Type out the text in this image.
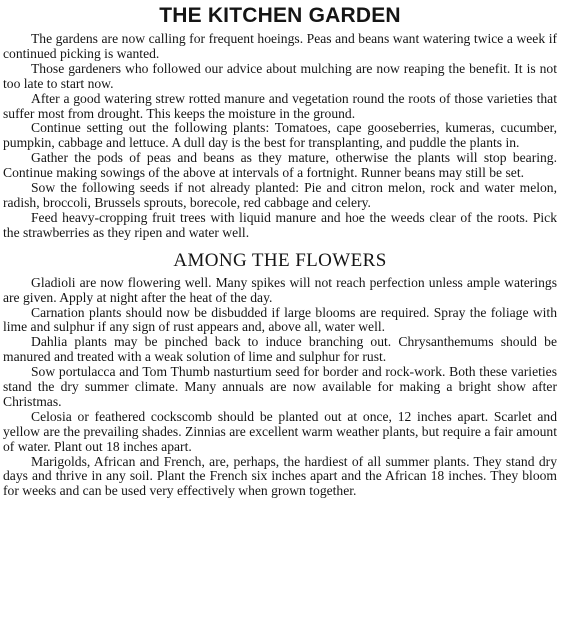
THE KITCHEN GARDEN

The gardens are now calling for frequent hoeings. Peas and beans want watering twice a week if continued picking is wanted.

Those gardeners who followed our advice about mulching are now reaping the benefit. It is not too late to start now.

After a good watering strew rotted manure and vegetation round the roots of those varieties that suffer most from drought. This keeps the moisture in the ground.

Continue setting out the following plants: Tomatoes, cape gooseberries, kumeras, cucumber, pumpkin, cabbage and lettuce. A dull day is the best for transplanting, and puddle the plants in.

Gather the pods of peas and beans as they mature, otherwise the plants will stop bearing. Continue making sowings of the above at intervals of a fortnight. Runner beans may still be set.

Sow the following seeds if not already planted: Pie and citron melon, rock and water melon, radish, broccoli, Brussels sprouts, borecole, red cabbage and celery.

Feed heavy-cropping fruit trees with liquid manure and hoe the weeds clear of the roots. Pick the strawberries as they ripen and water well.

AMONG THE FLOWERS

Gladioli are now flowering well. Many spikes will not reach perfection unless ample waterings are given. Apply at night after the heat of the day.

Carnation plants should now be disbudded if large blooms are required. Spray the foliage with lime and sulphur if any sign of rust appears and, above all, water well.

Dahlia plants may be pinched back to induce branching out. Chrysanthemums should be manured and treated with a weak solution of lime and sulphur for rust.

Sow portulacca and Tom Thumb nasturtium seed for border and rock-work. Both these varieties stand the dry summer climate. Many annuals are now available for making a bright show after Christmas.

Celosia or feathered cockscomb should be planted out at once, 12 inches apart. Scarlet and yellow are the prevailing shades. Zinnias are excellent warm weather plants, but require a fair amount of water. Plant out 18 inches apart.

Marigolds, African and French, are, perhaps, the hardiest of all summer plants. They stand dry days and thrive in any soil. Plant the French six inches apart and the African 18 inches. They bloom for weeks and can be used very effectively when grown together.
